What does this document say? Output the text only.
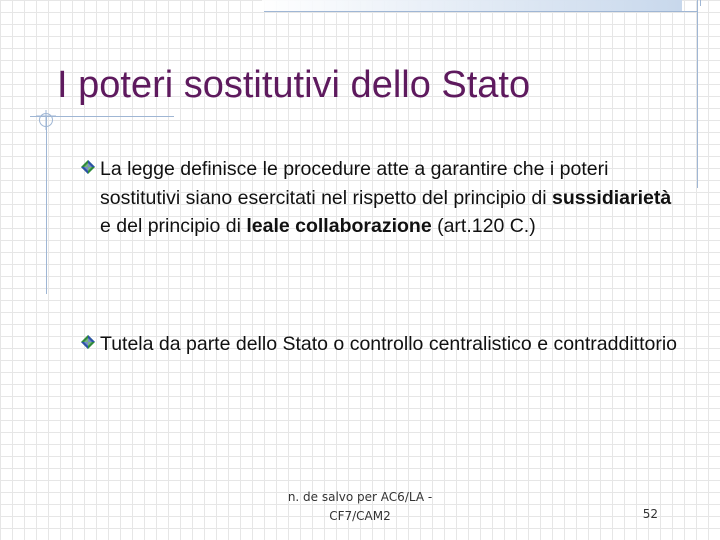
I poteri sostitutivi dello Stato
La legge definisce le procedure atte a garantire che i poteri sostitutivi siano esercitati nel rispetto del principio di sussidiarietà e del principio di leale collaborazione (art.120 C.)
Tutela da parte dello Stato o controllo centralistico e contraddittorio
n. de salvo per AC6/LA -
CF7/CAM2	52
